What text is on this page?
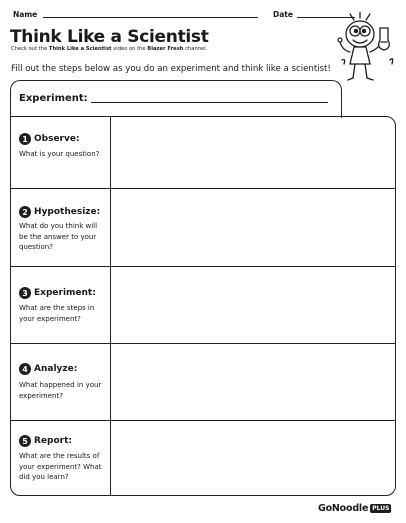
Name	Date
Think Like a Scientist
Check out the Think Like a Scientist video on the Blazer Fresh channel.
Fill out the steps below as you do an experiment and think like a scientist!
Experiment:
1 Observe:
What is your question?
2 Hypothesize:
What do you think will be the answer to your question?
3 Experiment:
What are the steps in your experiment?
4 Analyze:
What happened in your experiment?
5 Report:
What are the results of your experiment? What did you learn?
GoNoodle PLUS
